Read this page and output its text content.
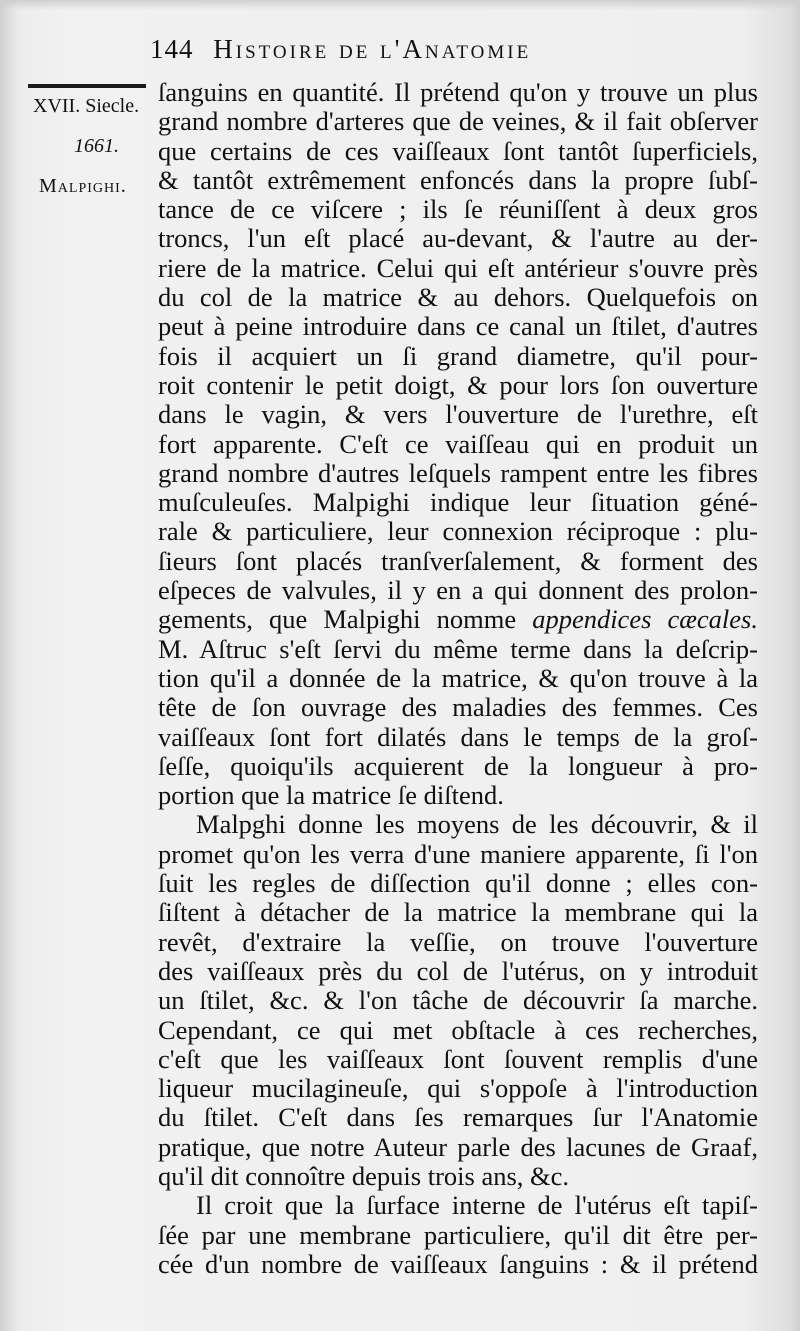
144 Histoire de l'Anatomie
XVII. Siecle.
1661.
Malpighi.
ſanguins en quantité. Il prétend qu'on y trouve un plus
grand nombre d'arteres que de veines, & il fait obſerver
que certains de ces vaiſſeaux ſont tantôt ſuperficiels,
& tantôt extrêmement enfoncés dans la propre ſubſ-
tance de ce viſcere ; ils ſe réuniſſent à deux gros
troncs, l'un eſt placé au-devant, & l'autre au der-
riere de la matrice. Celui qui eſt antérieur s'ouvre près
du col de la matrice & au dehors. Quelquefois on
peut à peine introduire dans ce canal un ſtilet, d'autres
fois il acquiert un ſi grand diametre, qu'il pour-
roit contenir le petit doigt, & pour lors ſon ouverture
dans le vagin, & vers l'ouverture de l'urethre, eſt
fort apparente. C'eſt ce vaiſſeau qui en produit un
grand nombre d'autres leſquels rampent entre les fibres
muſculeuſes. Malpighi indique leur ſituation géné-
rale & particuliere, leur connexion réciproque : plu-
ſieurs ſont placés tranſverſalement, & forment des
eſpeces de valvules, il y en a qui donnent des prolon-
gements, que Malpighi nomme appendices cæcales.
M. Aſtruc s'eſt ſervi du même terme dans la deſcrip-
tion qu'il a donnée de la matrice, & qu'on trouve à la
tête de ſon ouvrage des maladies des femmes. Ces
vaiſſeaux ſont fort dilatés dans le temps de la groſ-
ſeſſe, quoiqu'ils acquierent de la longueur à pro-
portion que la matrice ſe diſtend.
Malpghi donne les moyens de les découvrir, & il
promet qu'on les verra d'une maniere apparente, ſi l'on
ſuit les regles de diſſection qu'il donne ; elles con-
ſiſtent à détacher de la matrice la membrane qui la
revêt, d'extraire la veſſie, on trouve l'ouverture
des vaiſſeaux près du col de l'utérus, on y introduit
un ſtilet, &c. & l'on tâche de découvrir ſa marche.
Cependant, ce qui met obſtacle à ces recherches,
c'eſt que les vaiſſeaux ſont ſouvent remplis d'une
liqueur mucilagineuſe, qui s'oppoſe à l'introduction
du ſtilet. C'eſt dans ſes remarques ſur l'Anatomie
pratique, que notre Auteur parle des lacunes de Graaf,
qu'il dit connoître depuis trois ans, &c.
Il croit que la ſurface interne de l'utérus eſt tapiſ-
ſée par une membrane particuliere, qu'il dit être per-
cée d'un nombre de vaiſſeaux ſanguins : & il prétend
